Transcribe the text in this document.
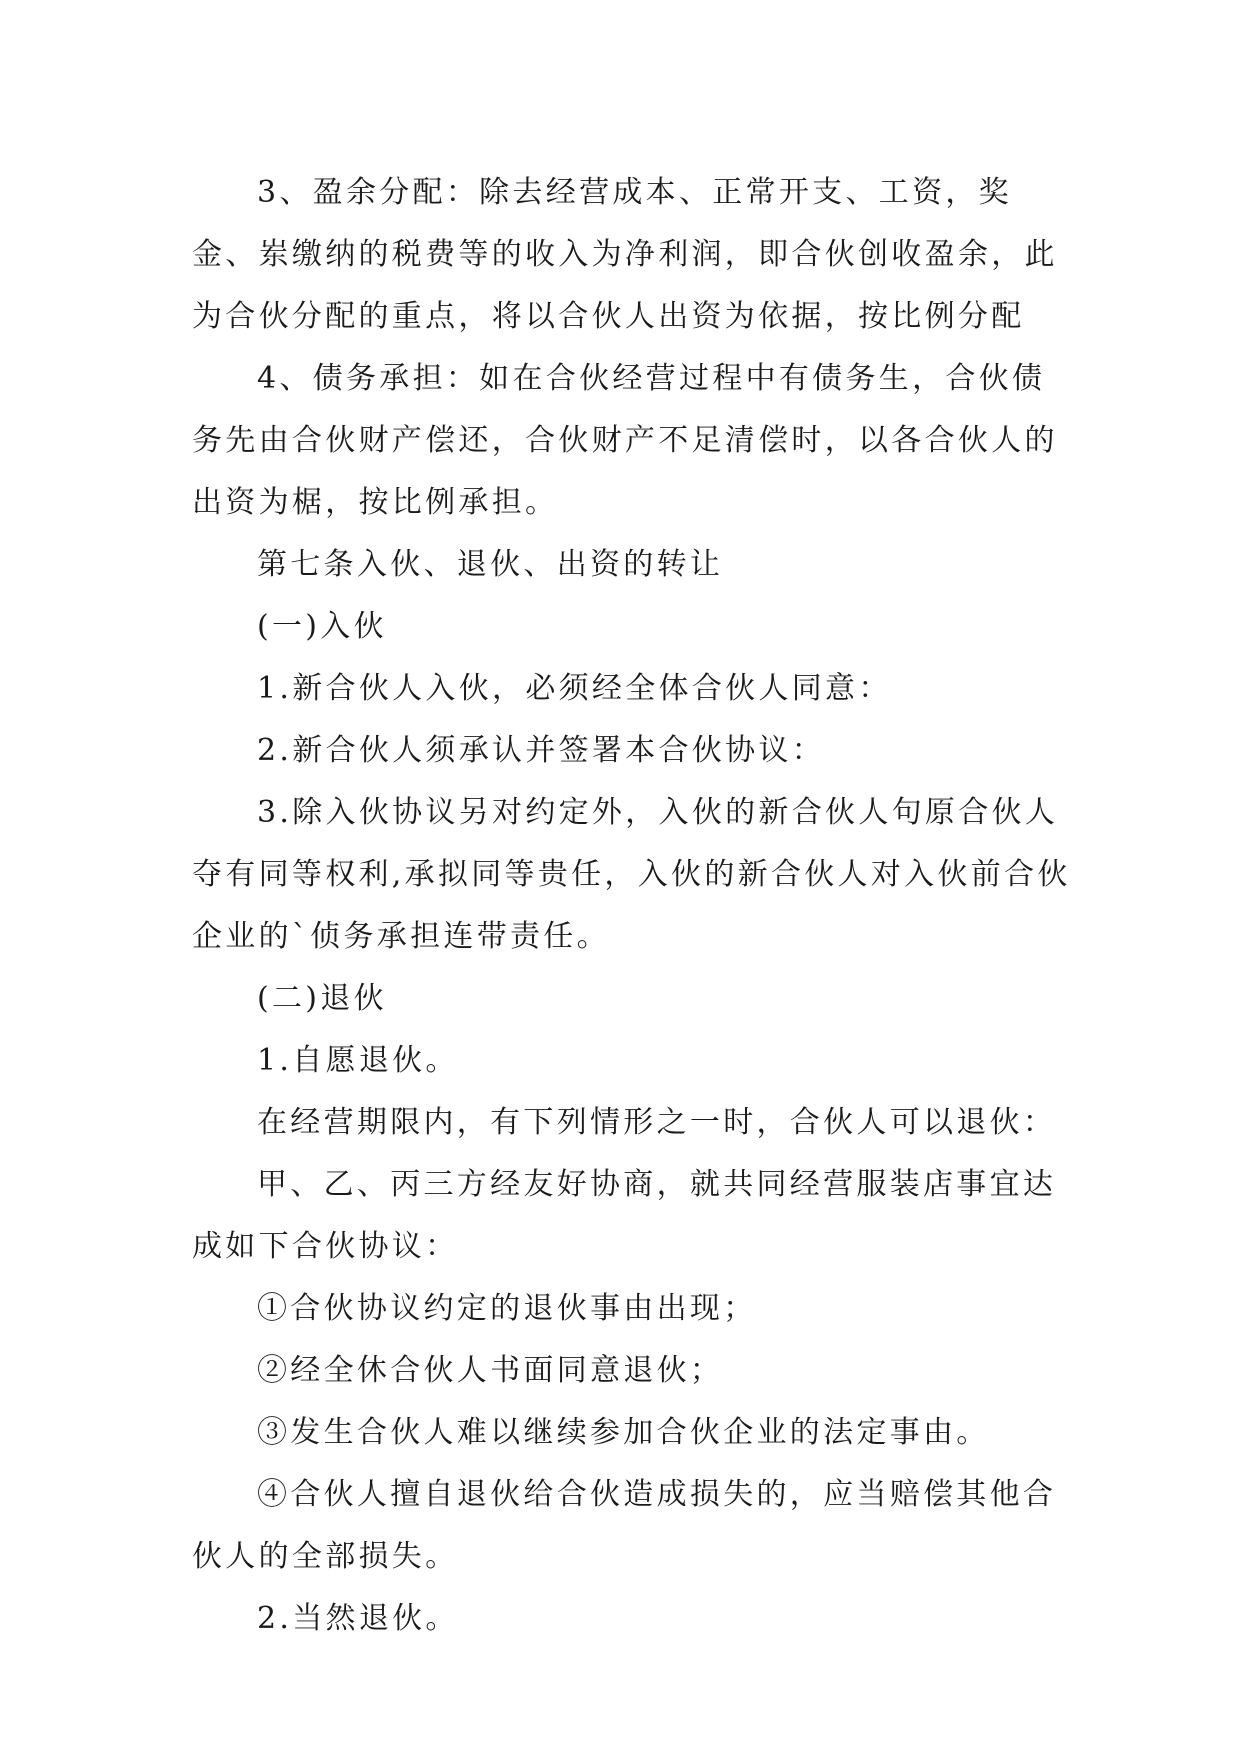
3、盈余分配：除去经营成本、正常开支、工资，奖金、岽缴纳的税费等的收入为净利润，即合伙创收盈余，此为合伙分配的重点，将以合伙人出资为依据，按比例分配

4、债务承担：如在合伙经营过程中有债务生，合伙债务先由合伙财产偿还，合伙财产不足清偿时，以各合伙人的出资为椐，按比例承担。

第七条入伙、退伙、出资的转让

(一)入伙

1.新合伙人入伙，必须经全体合伙人同意：

2.新合伙人须承认并签署本合伙协议：

3.除入伙协议另对约定外，入伙的新合伙人句原合伙人夺有同等权利,承拟同等贵任，入伙的新合伙人对入伙前合伙企业的`侦务承担连带责任。

(二)退伙

1.自愿退伙。

在经营期限内，有下列情形之一时，合伙人可以退伙：

甲、乙、丙三方经友好协商，就共同经营服装店事宜达成如下合伙协议：

①合伙协议约定的退伙事由出现；

②经全休合伙人书面同意退伙；

③发生合伙人难以继续参加合伙企业的法定事由。

④合伙人擅自退伙给合伙造成损失的，应当赔偿其他合伙人的全部损失。

2.当然退伙。
